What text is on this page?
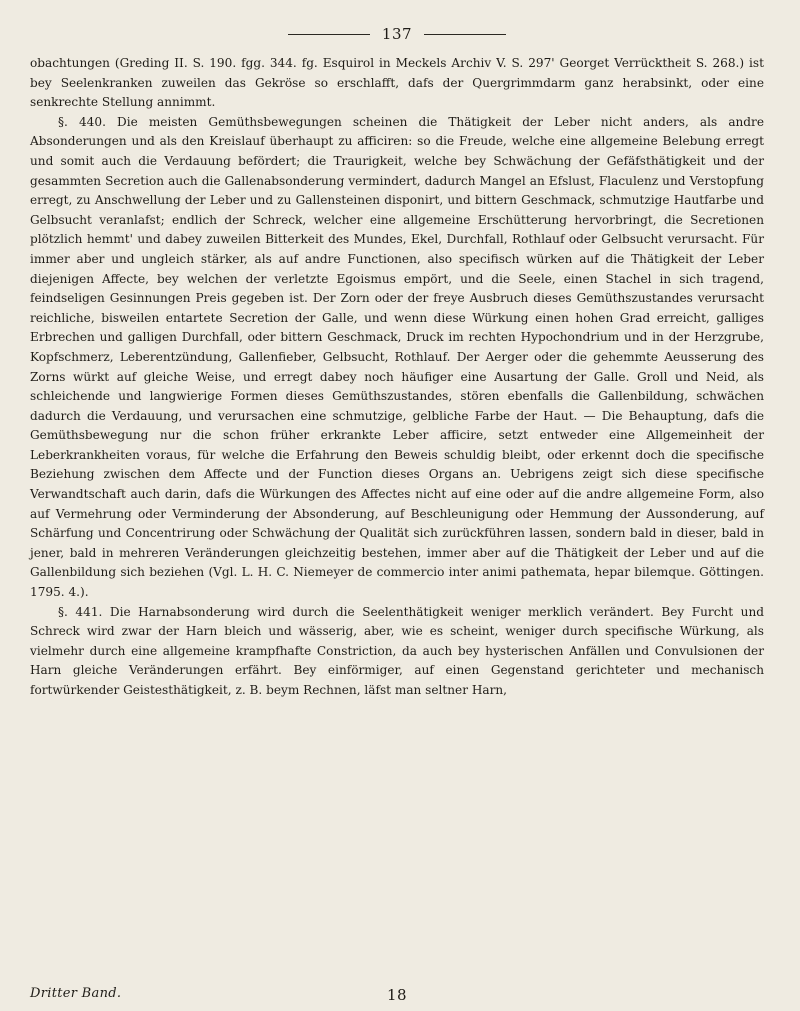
137

obachtungen (Greding II. S. 190. fgg. 344. fg. Esquirol in Meckels Archiv V. S. 297' Georget Verrücktheit S. 268.) ist bey Seelenkranken zuweilen das Gekröse so erschlafft, dafs der Quergrimmdarm ganz herabsinkt, oder eine senkrechte Stellung annimmt.

§. 440. Die meisten Gemüthsbewegungen scheinen die Thätigkeit der Leber nicht anders, als andre Absonderungen und als den Kreislauf überhaupt zu afficiren: so die Freude, welche eine allgemeine Belebung erregt und somit auch die Verdauung befördert; die Traurigkeit, welche bey Schwächung der Gefäfsthätigkeit und der gesammten Secretion auch die Gallenabsonderung vermindert, dadurch Mangel an Efslust, Flaculenz und Verstopfung erregt, zu Anschwellung der Leber und zu Gallensteinen disponirt, und bittern Geschmack, schmutzige Hautfarbe und Gelbsucht veranlafst; endlich der Schreck, welcher eine allgemeine Erschütterung hervorbringt, die Secretionen plötzlich hemmt' und dabey zuweilen Bitterkeit des Mundes, Ekel, Durchfall, Rothlauf oder Gelbsucht verursacht. Für immer aber und ungleich stärker, als auf andre Functionen, also specifisch würken auf die Thätigkeit der Leber diejenigen Affecte, bey welchen der verletzte Egoismus empört, und die Seele, einen Stachel in sich tragend, feindseligen Gesinnungen Preis gegeben ist. Der Zorn oder der freye Ausbruch dieses Gemüthszustandes verursacht reichliche, bisweilen entartete Secretion der Galle, und wenn diese Würkung einen hohen Grad erreicht, galliges Erbrechen und galligen Durchfall, oder bittern Geschmack, Druck im rechten Hypochondrium und in der Herzgrube, Kopfschmerz, Leberentzündung, Gallenfieber, Gelbsucht, Rothlauf. Der Aerger oder die gehemmte Aeusserung des Zorns würkt auf gleiche Weise, und erregt dabey noch häufiger eine Ausartung der Galle. Groll und Neid, als schleichende und langwierige Formen dieses Gemüthszustandes, stören ebenfalls die Gallenbildung, schwächen dadurch die Verdauung, und verursachen eine schmutzige, gelbliche Farbe der Haut. — Die Behauptung, dafs die Gemüthsbewegung nur die schon früher erkrankte Leber afficire, setzt entweder eine Allgemeinheit der Leberkrankheiten voraus, für welche die Erfahrung den Beweis schuldig bleibt, oder erkennt doch die specifische Beziehung zwischen dem Affecte und der Function dieses Organs an. Uebrigens zeigt sich diese specifische Verwandtschaft auch darin, dafs die Würkungen des Affectes nicht auf eine oder auf die andre allgemeine Form, also auf Vermehrung oder Verminderung der Absonderung, auf Beschleunigung oder Hemmung der Aussonderung, auf Schärfung und Concentrirung oder Schwächung der Qualität sich zurückführen lassen, sondern bald in dieser, bald in jener, bald in mehreren Veränderungen gleichzeitig bestehen, immer aber auf die Thätigkeit der Leber und auf die Gallenbildung sich beziehen (Vgl. L. H. C. Niemeyer de commercio inter animi pathemata, hepar bilemque. Göttingen. 1795. 4.).

§. 441. Die Harnabsonderung wird durch die Seelenthätigkeit weniger merklich verändert. Bey Furcht und Schreck wird zwar der Harn bleich und wässerig, aber, wie es scheint, weniger durch specifische Würkung, als vielmehr durch eine allgemeine krampfhafte Constriction, da auch bey hysterischen Anfällen und Convulsionen der Harn gleiche Veränderungen erfährt. Bey einförmiger, auf einen Gegenstand gerichteter und mechanisch fortwürkender Geistesthätigkeit, z. B. beym Rechnen, läfst man seltner Harn,

Dritter Band.	18
